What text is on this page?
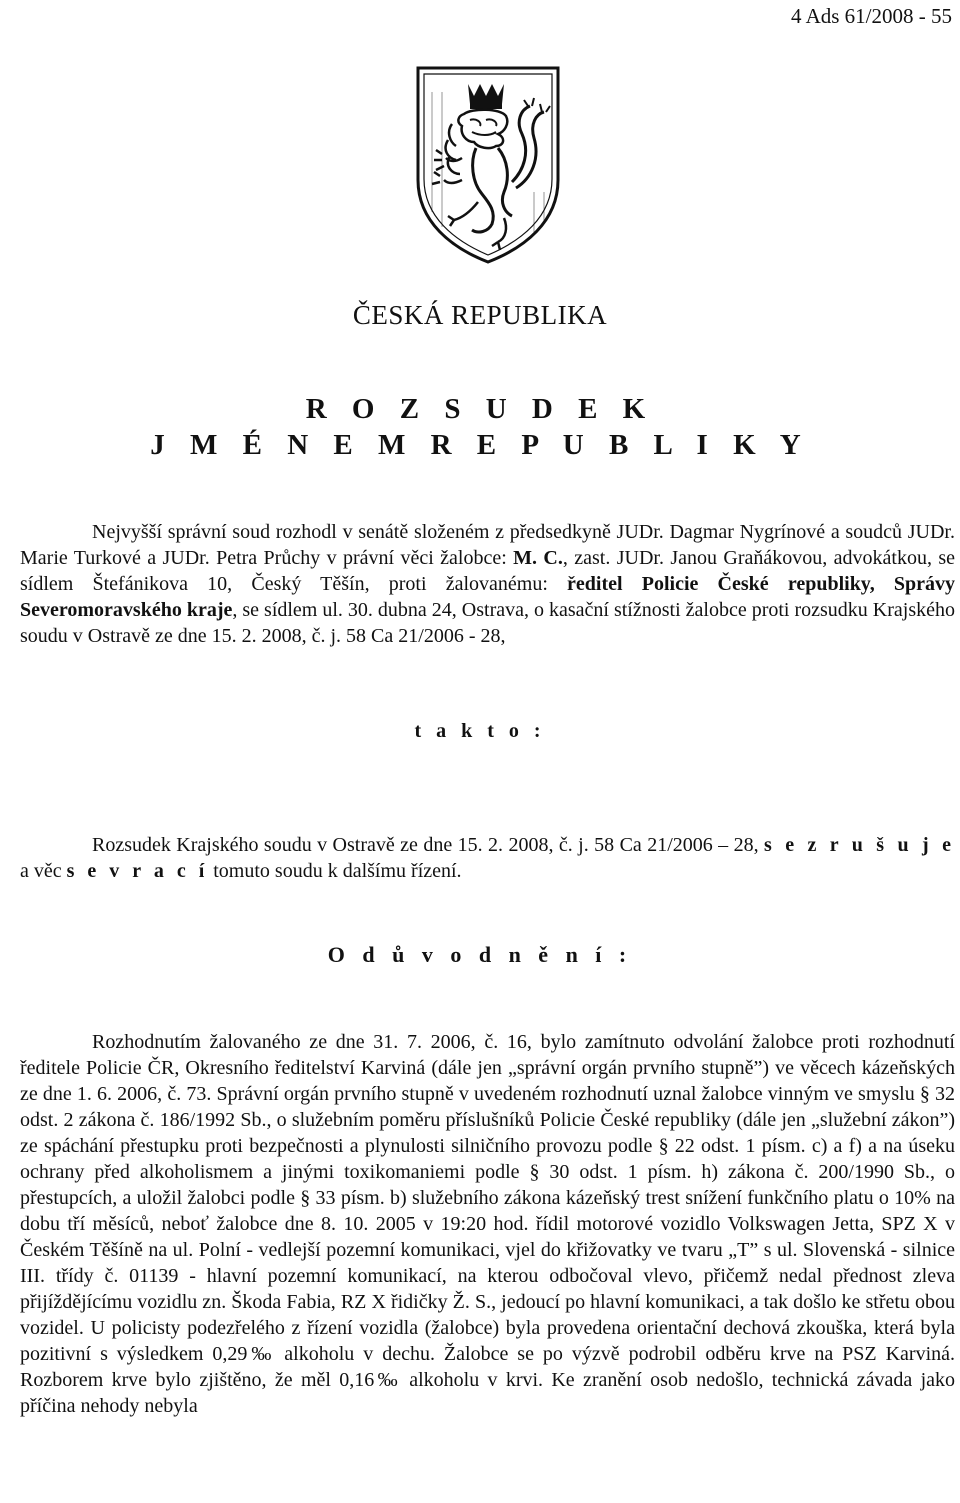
4 Ads 61/2008 - 55
ČESKÁ REPUBLIKA
R O Z S U D E K
J M É N E M R E P U B L I K Y
Nejvyšší správní soud rozhodl v senátě složeném z předsedkyně JUDr. Dagmar Nygrínové a soudců JUDr. Marie Turkové a JUDr. Petra Průchy v právní věci žalobce: M. C., zast. JUDr. Janou Graňákovou, advokátkou, se sídlem Štefánikova 10, Český Těšín, proti žalovanému: ředitel Policie České republiky, Správy Severomoravského kraje, se sídlem ul. 30. dubna 24, Ostrava, o kasační stížnosti žalobce proti rozsudku Krajského soudu v Ostravě ze dne 15. 2. 2008, č. j. 58 Ca 21/2006 - 28,
t a k t o :
Rozsudek Krajského soudu v Ostravě ze dne 15. 2. 2008, č. j. 58 Ca 21/2006 – 28, s e z r u š u j e a věc s e v r a c í tomuto soudu k dalšímu řízení.
O d ů v o d n ě n í :
Rozhodnutím žalovaného ze dne 31. 7. 2006, č. 16, bylo zamítnuto odvolání žalobce proti rozhodnutí ředitele Policie ČR, Okresního ředitelství Karviná (dále jen „správní orgán prvního stupně”) ve věcech kázeňských ze dne 1. 6. 2006, č. 73. Správní orgán prvního stupně v uvedeném rozhodnutí uznal žalobce vinným ve smyslu § 32 odst. 2 zákona č. 186/1992 Sb., o služebním poměru příslušníků Policie České republiky (dále jen „služební zákon”) ze spáchání přestupku proti bezpečnosti a plynulosti silničního provozu podle § 22 odst. 1 písm. c) a f) a na úseku ochrany před alkoholismem a jinými toxikomaniemi podle § 30 odst. 1 písm. h) zákona č. 200/1990 Sb., o přestupcích, a uložil žalobci podle § 33 písm. b) služebního zákona kázeňský trest snížení funkčního platu o 10% na dobu tří měsíců, neboť žalobce dne 8. 10. 2005 v 19:20 hod. řídil motorové vozidlo Volkswagen Jetta, SPZ X v Českém Těšíně na ul. Polní - vedlejší pozemní komunikaci, vjel do křižovatky ve tvaru „T” s ul. Slovenská - silnice III. třídy č. 01139 - hlavní pozemní komunikací, na kterou odbočoval vlevo, přičemž nedal přednost zleva přijíždějícímu vozidlu zn. Škoda Fabia, RZ X řidičky Ž. S., jedoucí po hlavní komunikaci, a tak došlo ke střetu obou vozidel. U policisty podezřelého z řízení vozidla (žalobce) byla provedena orientační dechová zkouška, která byla pozitivní s výsledkem 0,29‰ alkoholu v dechu. Žalobce se po výzvě podrobil odběru krve na PSZ Karviná. Rozborem krve bylo zjištěno, že měl 0,16‰ alkoholu v krvi. Ke zranění osob nedošlo, technická závada jako příčina nehody nebyla
